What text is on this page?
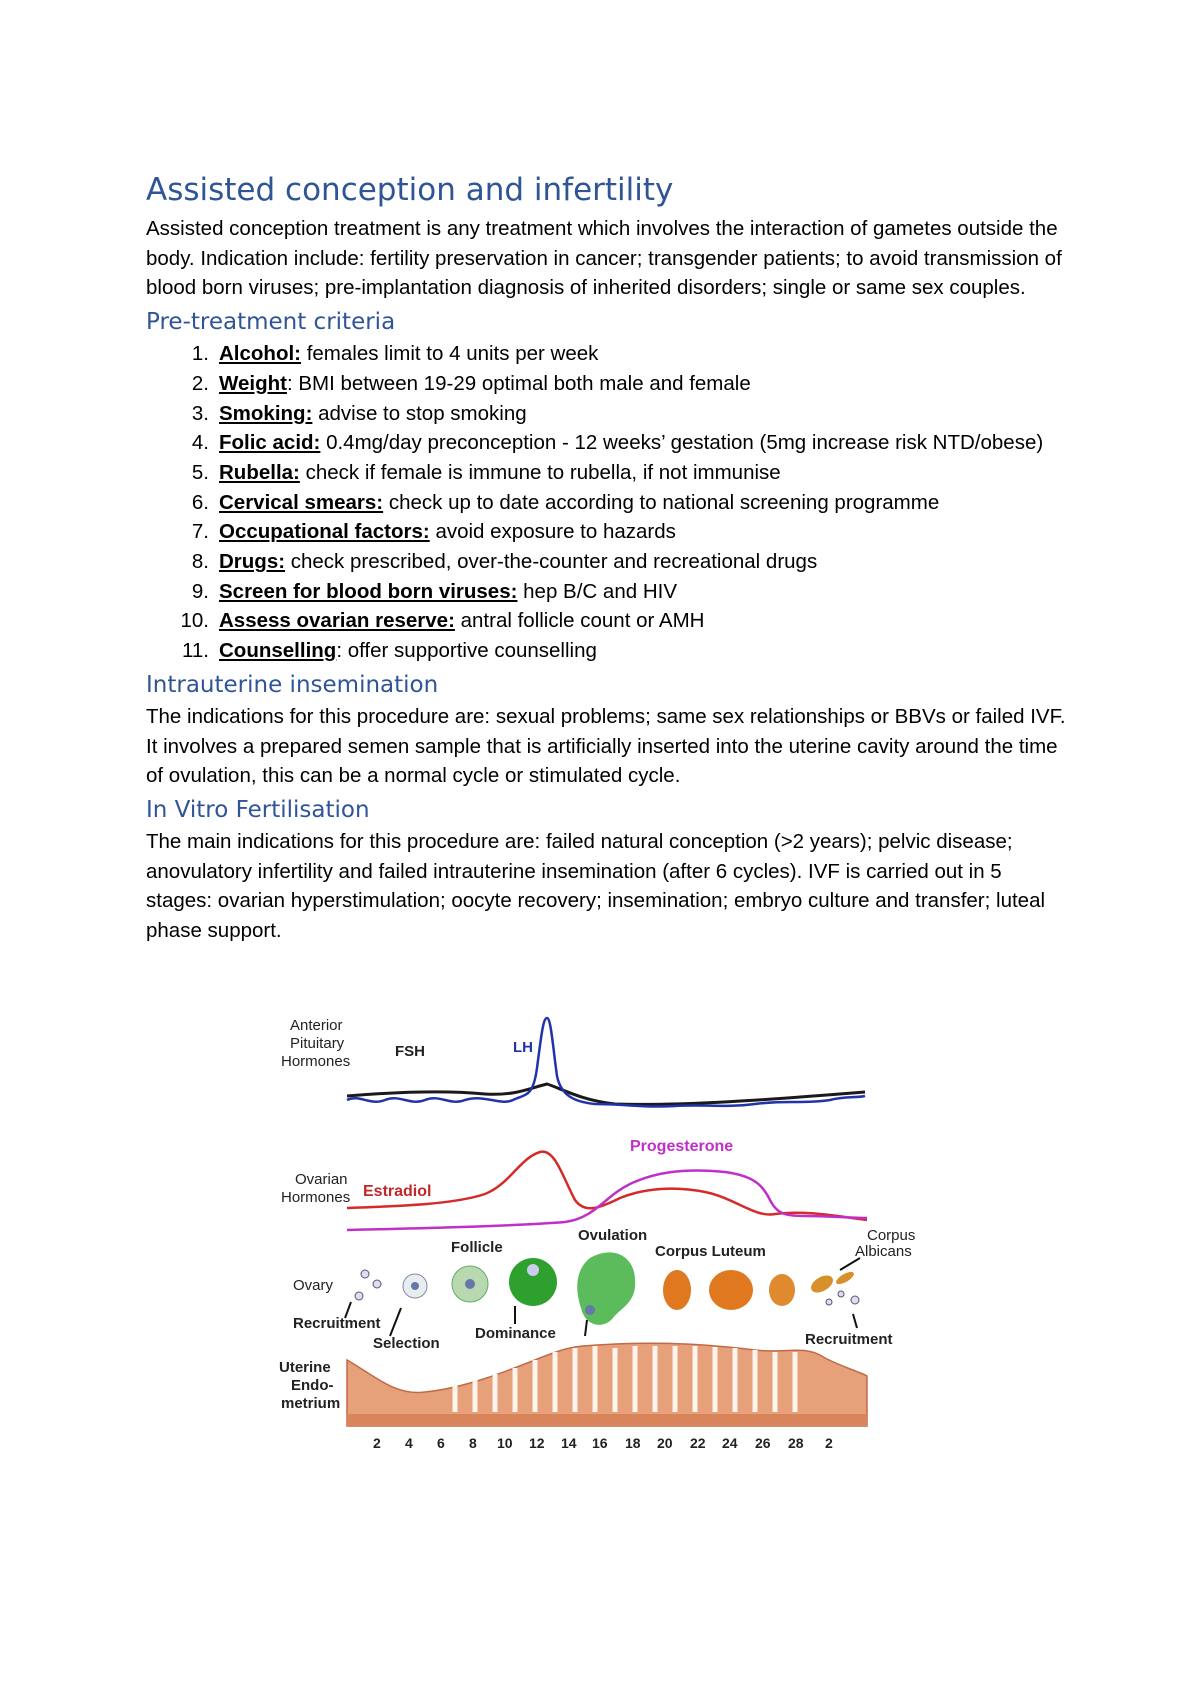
Assisted conception and infertility

Assisted conception treatment is any treatment which involves the interaction of gametes outside the body. Indication include: fertility preservation in cancer; transgender patients; to avoid transmission of blood born viruses; pre-implantation diagnosis of inherited disorders; single or same sex couples.

Pre-treatment criteria
1. Alcohol: females limit to 4 units per week
2. Weight: BMI between 19-29 optimal both male and female
3. Smoking: advise to stop smoking
4. Folic acid: 0.4mg/day preconception - 12 weeks’ gestation (5mg increase risk NTD/obese)
5. Rubella: check if female is immune to rubella, if not immunise
6. Cervical smears: check up to date according to national screening programme
7. Occupational factors: avoid exposure to hazards
8. Drugs: check prescribed, over-the-counter and recreational drugs
9. Screen for blood born viruses: hep B/C and HIV
10. Assess ovarian reserve: antral follicle count or AMH
11. Counselling: offer supportive counselling
Intrauterine insemination

The indications for this procedure are: sexual problems; same sex relationships or BBVs or failed IVF. It involves a prepared semen sample that is artificially inserted into the uterine cavity around the time of ovulation, this can be a normal cycle or stimulated cycle.

In Vitro Fertilisation

The main indications for this procedure are: failed natural conception (>2 years); pelvic disease; anovulatory infertility and failed intrauterine insemination (after 6 cycles). IVF is carried out in 5 stages: ovarian hyperstimulation; oocyte recovery; insemination; embryo culture and transfer; luteal phase support.

Anterior
Pituitary
Hormones
FSH	LH
Ovarian
Hormones Estradiol
Progesterone
Follicle
Ovulation
Corpus Luteum
Corpus
Albicans
Ovary
Recruitment
Selection
Dominance	Recruitment
Uterine
Endo-
metrium
2 4 6 8 10 12 14 16 18 20 22 24 26 28 2
